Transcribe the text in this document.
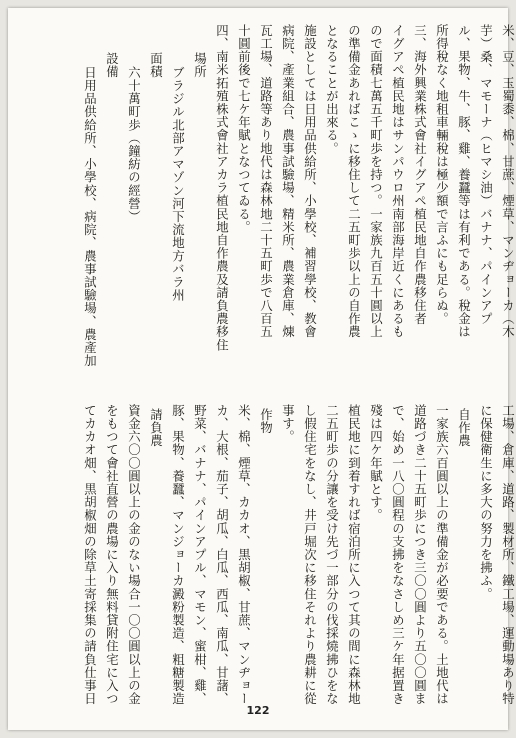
米、豆、玉蜀黍、棉、甘蔗、煙草、マンヂョーカ（木
芋）桑、マモーナ（ヒマシ油）バナナ、パインアプ
ル、果物、牛、豚、雞、養蠶等は有利である。稅金は
所得稅なく地租車輛稅は極少額で言ふにも足らぬ。
三、海外興業株式會社イグアペ植民地自作農移住者
イグアペ植民地はサンパウロ州南部海岸近くにあるも
ので面積七萬五千町歩を持つ。一家族九百五十圓以上
の準備金あればこゝに移住して二五町歩以上の自作農
となることが出來る。
施設としては日用品供給所、小學校、補習學校、教會
病院、產業組合、農事試驗場、精米所、農業倉庫、煉
瓦工場、道路等あり地代は森林地二十五町歩で八百五
十圓前後で七ケ年賦となつてゐる。
四、南米拓殖株式會社アカラ植民地自作農及請負農移住
場所
ブラジル北部アマゾン河下流地方バラ州
面積
六十萬町歩（鐘紡の經營）
設備
日用品供給所、小學校、病院、農事試驗場、農產加
工場、倉庫、道路、製材所、鐵工場、運動場あり特
に保健衛生に多大の努力を拂ふ。
自作農
一家族六百圓以上の準備金が必要である。土地代は
道路づき二十五町歩につき三〇〇圓より五〇〇圓ま
で、始め一八〇圓程の支拂をなさしめ三ケ年据置き
殘は四ケ年賦とす。
植民地に到着すれば宿泊所に入つて其の間に森林地
二五町歩の分讓を受け先づ一部分の伐採燒拂ひをな
し假住宅をなし、井戸堀次に移住それより農耕に從
事す。
作物
米、棉、煙草、カカオ、黒胡椒、甘蔗、マンヂョー
カ、大根、茄子、胡瓜、白瓜、西瓜、南瓜、甘藷、
野菜、バナナ、パインアプル、マモン、蜜柑、雞、
豚、果物、養蠶、マンジョーカ澱粉製造、粗糖製造
請負農
資金六〇〇圓以上の金のない場合一〇〇圓以上の金
をもつて會社直營の農場に入り無料貸附住宅に入つ
てカカオ畑、黒胡椒畑の除草土寄採集の請負仕事日
122
